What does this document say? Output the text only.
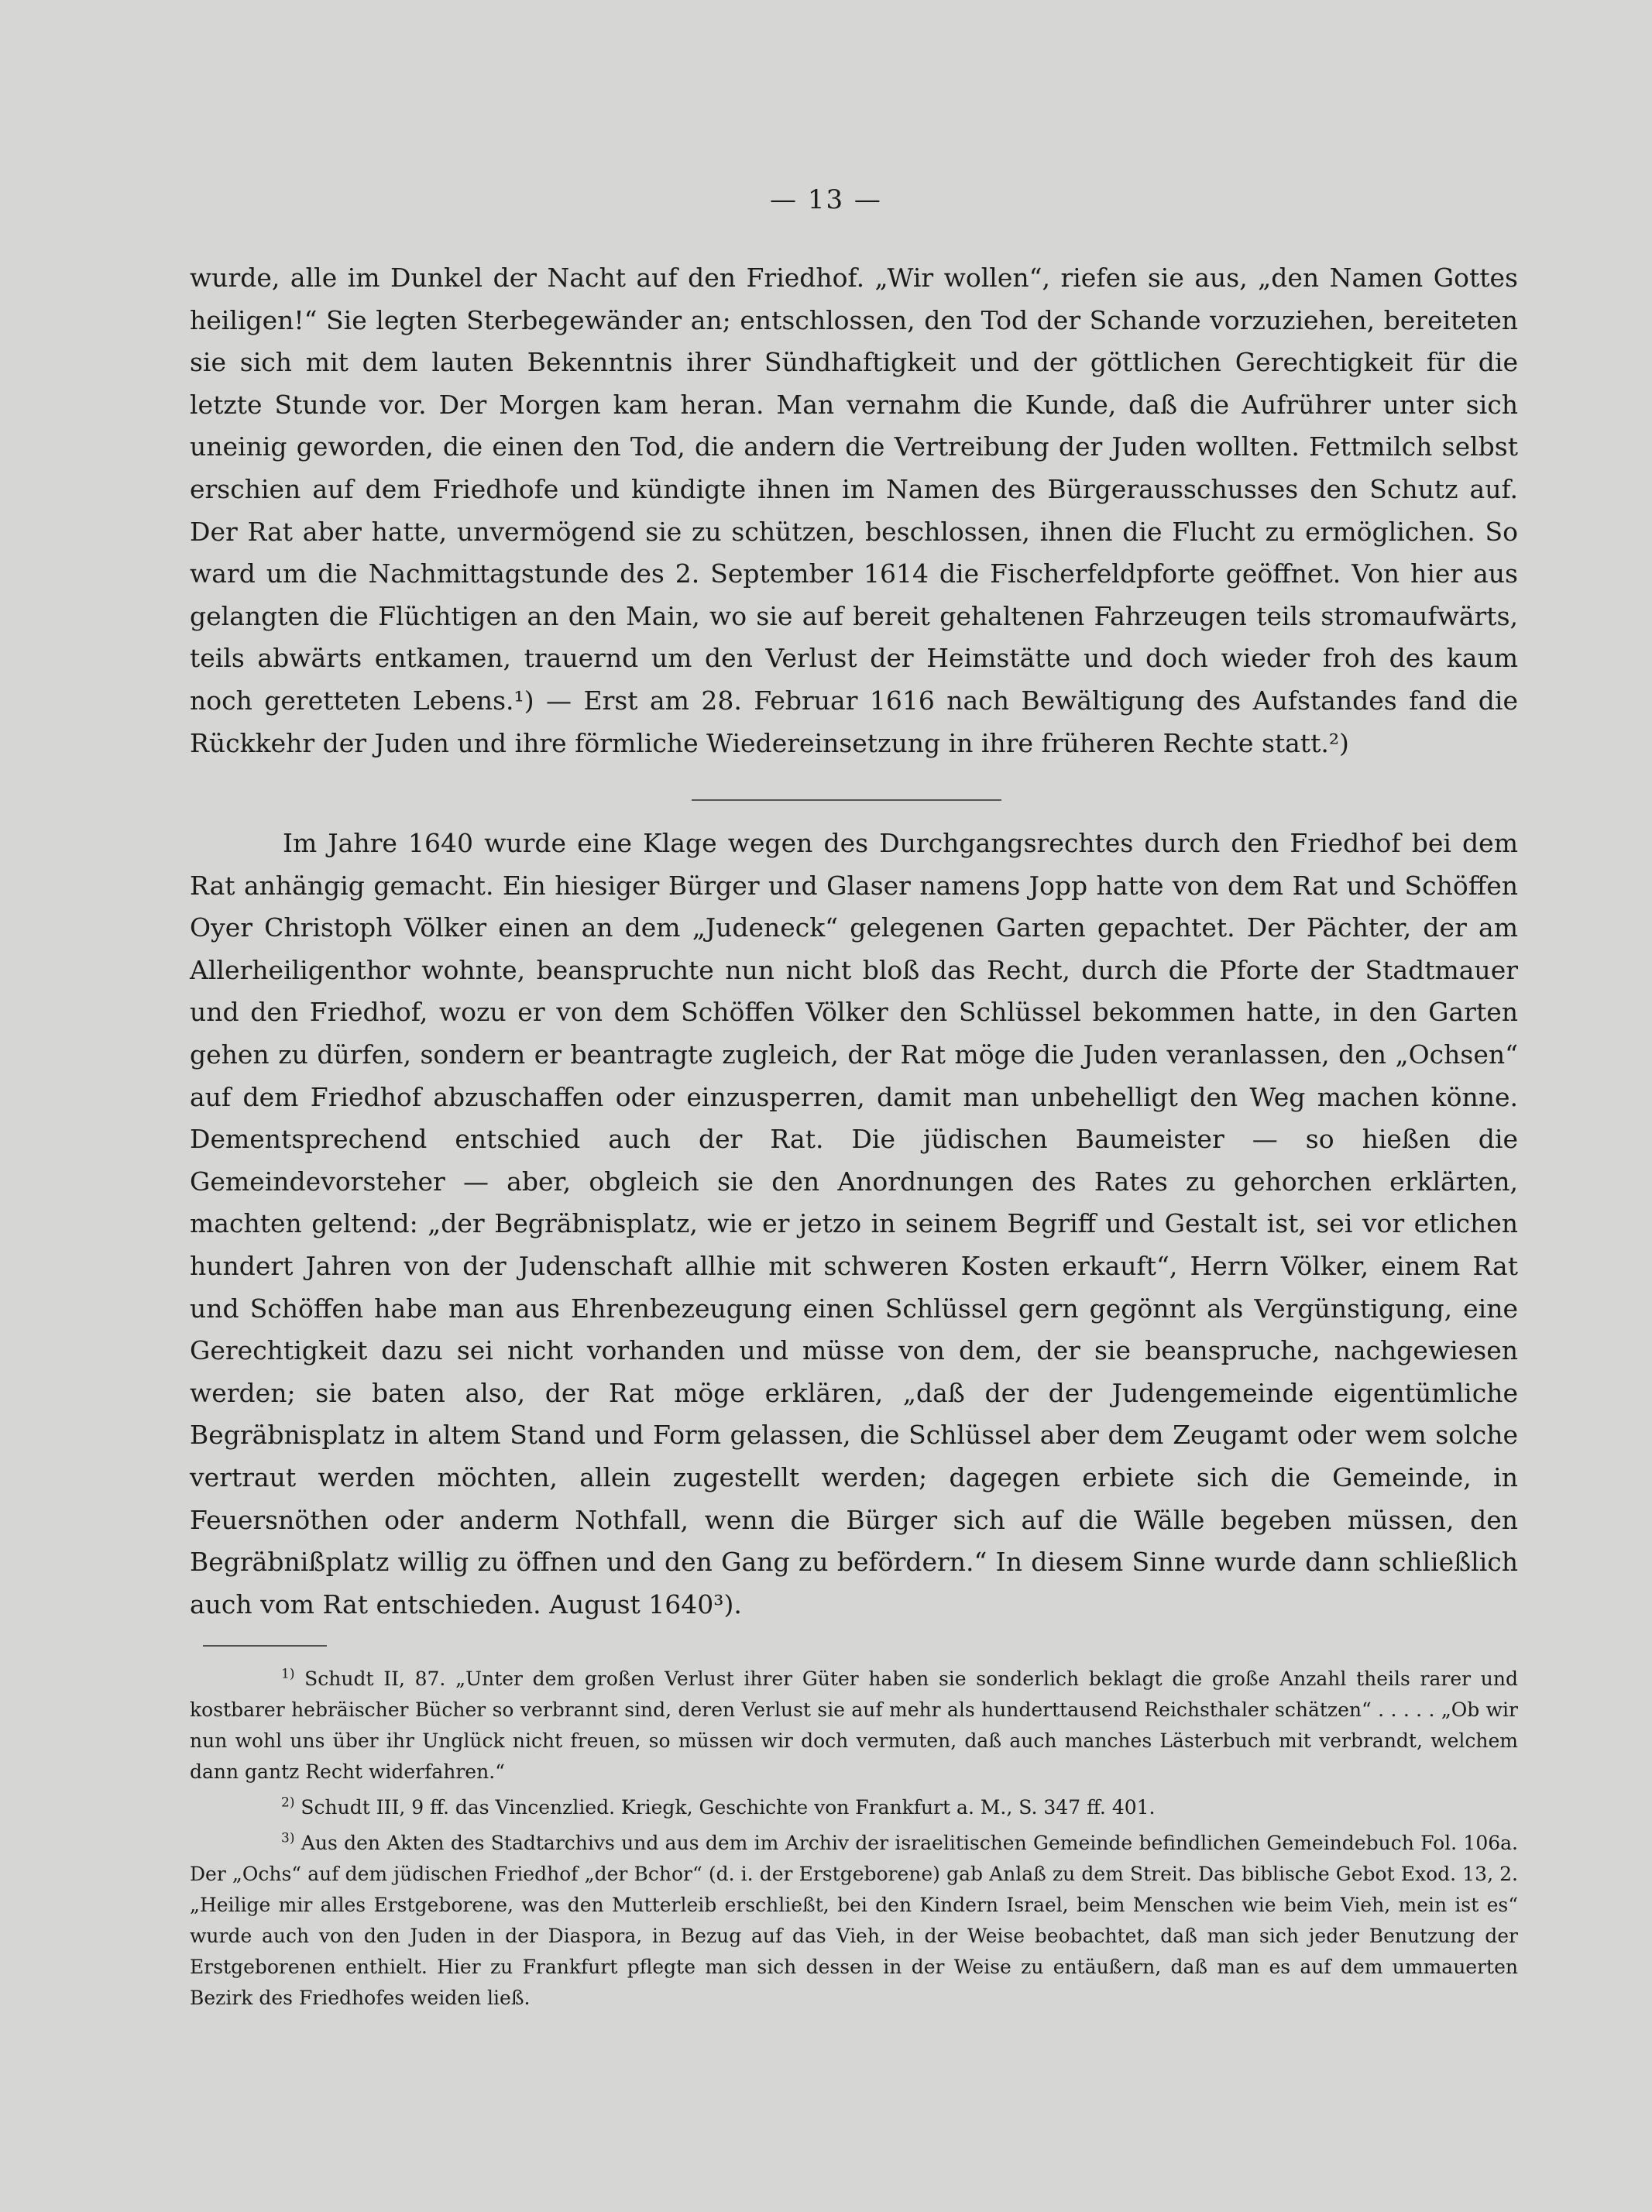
— 13 —

wurde, alle im Dunkel der Nacht auf den Friedhof. „Wir wollen“, riefen sie aus, „den Namen Gottes heiligen!“ Sie legten Sterbegewänder an; entschlossen, den Tod der Schande vorzuziehen, bereiteten sie sich mit dem lauten Bekenntnis ihrer Sündhaftigkeit und der göttlichen Gerechtigkeit für die letzte Stunde vor. Der Morgen kam heran. Man vernahm die Kunde, daß die Aufrührer unter sich uneinig geworden, die einen den Tod, die andern die Vertreibung der Juden wollten. Fettmilch selbst erschien auf dem Friedhofe und kündigte ihnen im Namen des Bürgerausschusses den Schutz auf. Der Rat aber hatte, unvermögend sie zu schützen, beschlossen, ihnen die Flucht zu ermöglichen. So ward um die Nachmittagstunde des 2. September 1614 die Fischerfeldpforte geöffnet. Von hier aus gelangten die Flüchtigen an den Main, wo sie auf bereit gehaltenen Fahrzeugen teils stromaufwärts, teils abwärts entkamen, trauernd um den Verlust der Heimstätte und doch wieder froh des kaum noch geretteten Lebens.¹) — Erst am 28. Februar 1616 nach Bewältigung des Aufstandes fand die Rückkehr der Juden und ihre förmliche Wiedereinsetzung in ihre früheren Rechte statt.²)

Im Jahre 1640 wurde eine Klage wegen des Durchgangsrechtes durch den Friedhof bei dem Rat anhängig gemacht. Ein hiesiger Bürger und Glaser namens Jopp hatte von dem Rat und Schöffen Oyer Christoph Völker einen an dem „Judeneck“ gelegenen Garten gepachtet. Der Pächter, der am Allerheiligenthor wohnte, beanspruchte nun nicht bloß das Recht, durch die Pforte der Stadtmauer und den Friedhof, wozu er von dem Schöffen Völker den Schlüssel bekommen hatte, in den Garten gehen zu dürfen, sondern er beantragte zugleich, der Rat möge die Juden veranlassen, den „Ochsen“ auf dem Friedhof abzuschaffen oder einzusperren, damit man unbehelligt den Weg machen könne. Dementsprechend entschied auch der Rat. Die jüdischen Baumeister — so hießen die Gemeindevorsteher — aber, obgleich sie den Anordnungen des Rates zu gehorchen erklärten, machten geltend: „der Begräbnisplatz, wie er jetzo in seinem Begriff und Gestalt ist, sei vor etlichen hundert Jahren von der Judenschaft allhie mit schweren Kosten erkauft“, Herrn Völker, einem Rat und Schöffen habe man aus Ehrenbezeugung einen Schlüssel gern gegönnt als Vergünstigung, eine Gerechtigkeit dazu sei nicht vorhanden und müsse von dem, der sie beanspruche, nachgewiesen werden; sie baten also, der Rat möge erklären, „daß der der Judengemeinde eigentümliche Begräbnisplatz in altem Stand und Form gelassen, die Schlüssel aber dem Zeugamt oder wem solche vertraut werden möchten, allein zugestellt werden; dagegen erbiete sich die Gemeinde, in Feuersnöthen oder anderm Nothfall, wenn die Bürger sich auf die Wälle begeben müssen, den Begräbnißplatz willig zu öffnen und den Gang zu befördern.“ In diesem Sinne wurde dann schließlich auch vom Rat entschieden. August 1640³).

$^{1)}$ Schudt II, 87. „Unter dem großen Verlust ihrer Güter haben sie sonderlich beklagt die große Anzahl theils rarer und kostbarer hebräischer Bücher so verbrannt sind, deren Verlust sie auf mehr als hunderttausend Reichsthaler schätzen“ . . . . . „Ob wir nun wohl uns über ihr Unglück nicht freuen, so müssen wir doch vermuten, daß auch manches Lästerbuch mit verbrandt, welchem dann gantz Recht widerfahren.“

$^{2)}$ Schudt III, 9 ff. das Vincenzlied. Kriegk, Geschichte von Frankfurt a. M., S. 347 ff. 401.

$^{3)}$ Aus den Akten des Stadtarchivs und aus dem im Archiv der israelitischen Gemeinde befindlichen Gemeindebuch Fol. 106a. Der „Ochs“ auf dem jüdischen Friedhof „der Bchor“ (d. i. der Erstgeborene) gab Anlaß zu dem Streit. Das biblische Gebot Exod. 13, 2. „Heilige mir alles Erstgeborene, was den Mutterleib erschließt, bei den Kindern Israel, beim Menschen wie beim Vieh, mein ist es“ wurde auch von den Juden in der Diaspora, in Bezug auf das Vieh, in der Weise beobachtet, daß man sich jeder Benutzung der Erstgeborenen enthielt. Hier zu Frankfurt pflegte man sich dessen in der Weise zu entäußern, daß man es auf dem ummauerten Bezirk des Friedhofes weiden ließ.
